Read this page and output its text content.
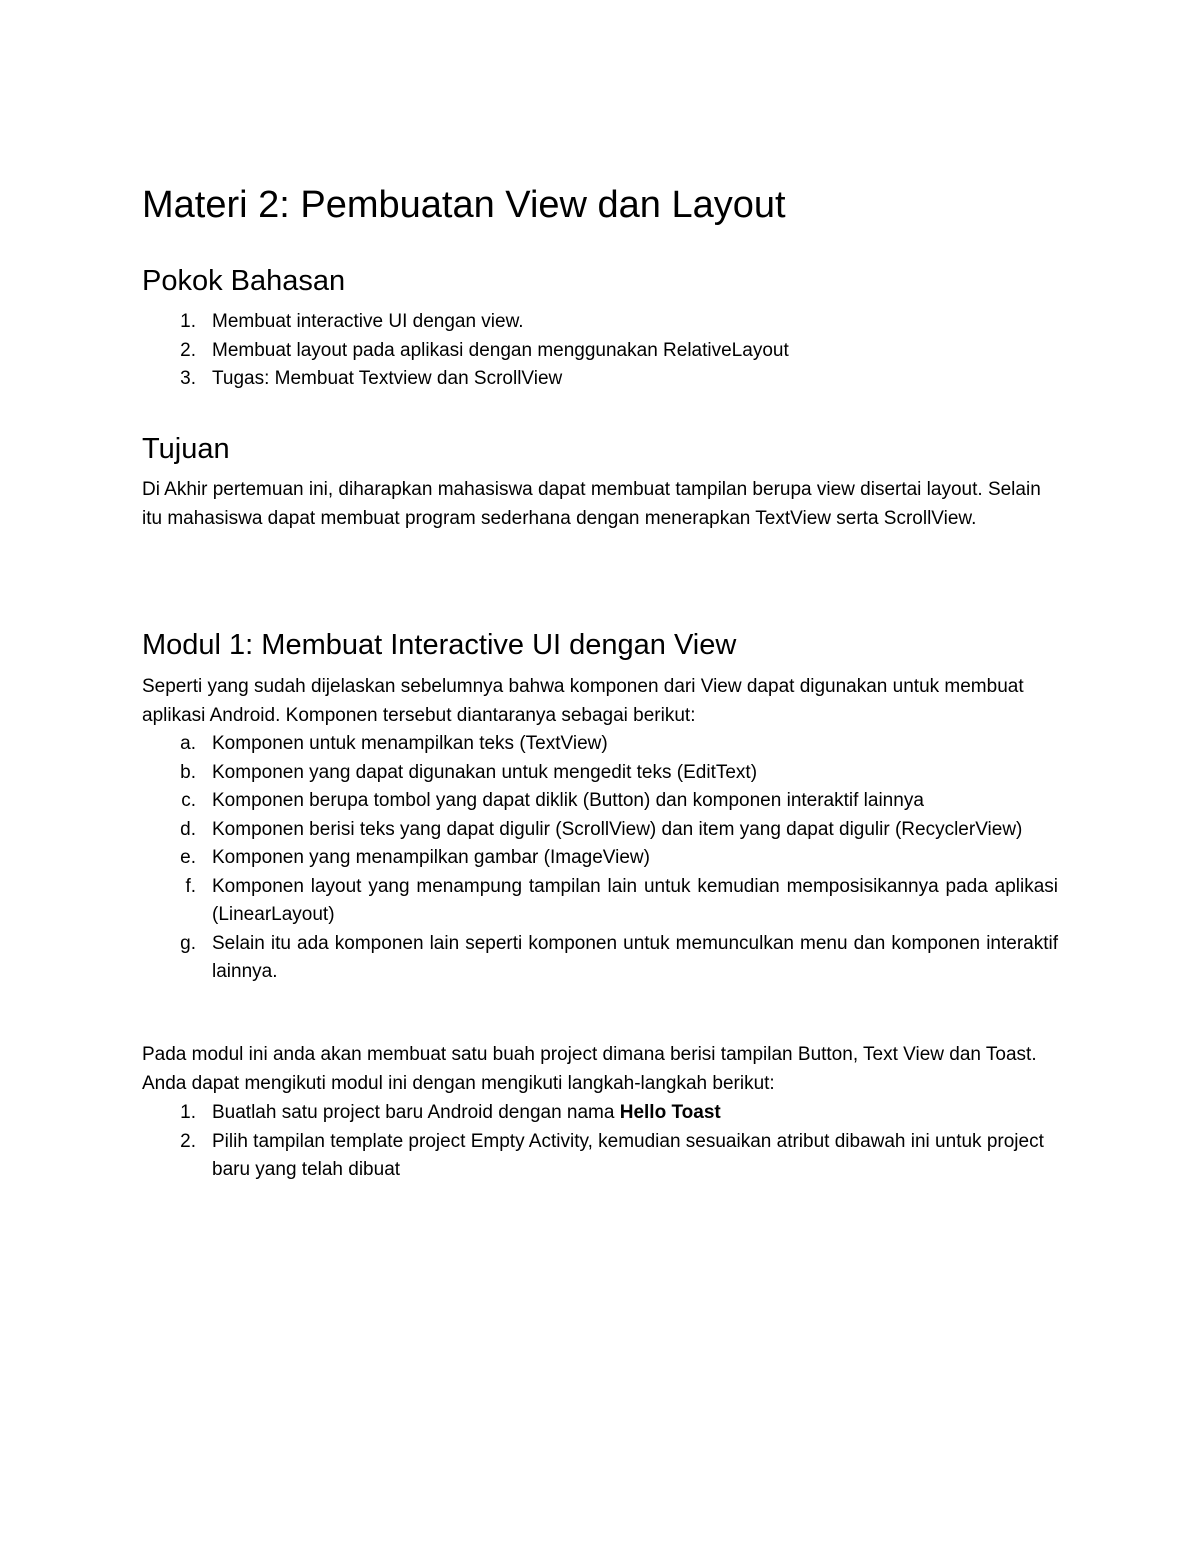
Materi 2: Pembuatan View dan Layout
Pokok Bahasan
1. Membuat interactive UI dengan view.
2. Membuat layout pada aplikasi dengan menggunakan RelativeLayout
3. Tugas: Membuat Textview dan ScrollView
Tujuan

Di Akhir pertemuan ini, diharapkan mahasiswa dapat membuat tampilan berupa view disertai layout. Selain itu mahasiswa dapat membuat program sederhana dengan menerapkan TextView serta ScrollView.

Modul 1: Membuat Interactive UI dengan View

Seperti yang sudah dijelaskan sebelumnya bahwa komponen dari View dapat digunakan untuk membuat aplikasi Android. Komponen tersebut diantaranya sebagai berikut:

a. Komponen untuk menampilkan teks (TextView)
b. Komponen yang dapat digunakan untuk mengedit teks (EditText)
c. Komponen berupa tombol yang dapat diklik (Button) dan komponen interaktif lainnya
d. Komponen berisi teks yang dapat digulir (ScrollView) dan item yang dapat digulir (RecyclerView)
e. Komponen yang menampilkan gambar (ImageView)
f. Komponen layout yang menampung tampilan lain untuk kemudian memposisikannya pada aplikasi (LinearLayout)
g. Selain itu ada komponen lain seperti komponen untuk memunculkan menu dan komponen interaktif lainnya.

Pada modul ini anda akan membuat satu buah project dimana berisi tampilan Button, Text View dan Toast. Anda dapat mengikuti modul ini dengan mengikuti langkah-langkah berikut:

1. Buatlah satu project baru Android dengan nama Hello Toast
2. Pilih tampilan template project Empty Activity, kemudian sesuaikan atribut dibawah ini untuk project baru yang telah dibuat
